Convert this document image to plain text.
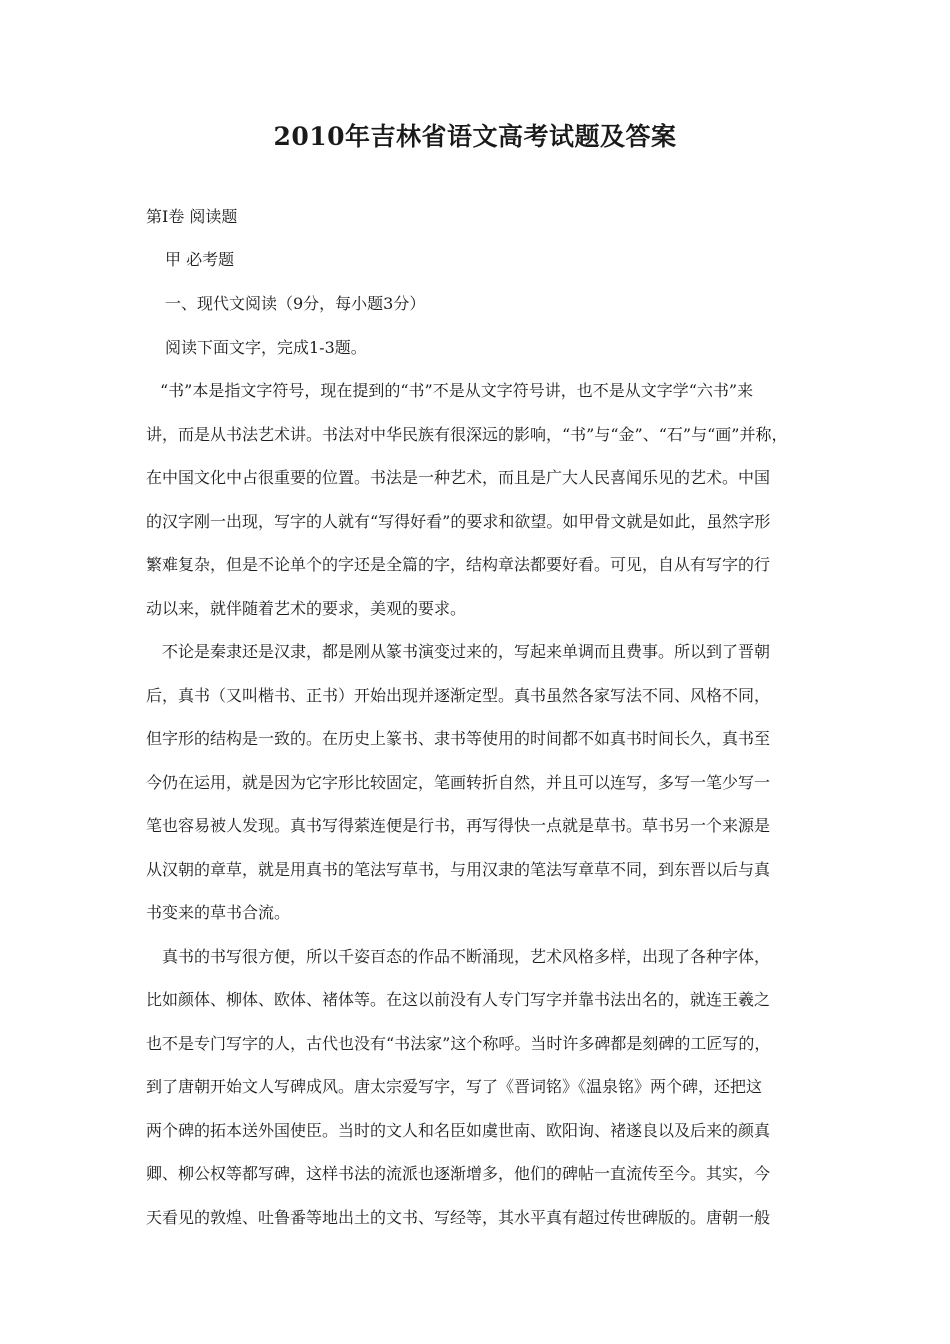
2010年吉林省语文高考试题及答案
第Ⅰ卷 阅读题
甲 必考题
一、现代文阅读（9分，每小题3分）
阅读下面文字，完成1-3题。
“书”本是指文字符号，现在提到的“书”不是从文字符号讲，也不是从文字学“六书”来
讲，而是从书法艺术讲。书法对中华民族有很深远的影响，“书”与“金”、“石”与“画”并称，
在中国文化中占很重要的位置。书法是一种艺术，而且是广大人民喜闻乐见的艺术。中国
的汉字刚一出现，写字的人就有“写得好看”的要求和欲望。如甲骨文就是如此，虽然字形
繁难复杂，但是不论单个的字还是全篇的字，结构章法都要好看。可见，自从有写字的行
动以来，就伴随着艺术的要求，美观的要求。
不论是秦隶还是汉隶，都是刚从篆书演变过来的，写起来单调而且费事。所以到了晋朝
后，真书（又叫楷书、正书）开始出现并逐渐定型。真书虽然各家写法不同、风格不同，
但字形的结构是一致的。在历史上篆书、隶书等使用的时间都不如真书时间长久，真书至
今仍在运用，就是因为它字形比较固定，笔画转折自然，并且可以连写，多写一笔少写一
笔也容易被人发现。真书写得萦连便是行书，再写得快一点就是草书。草书另一个来源是
从汉朝的章草，就是用真书的笔法写草书，与用汉隶的笔法写章草不同，到东晋以后与真
书变来的草书合流。
真书的书写很方便，所以千姿百态的作品不断涌现，艺术风格多样，出现了各种字体，
比如颜体、柳体、欧体、褚体等。在这以前没有人专门写字并靠书法出名的，就连王羲之
也不是专门写字的人，古代也没有“书法家”这个称呼。当时许多碑都是刻碑的工匠写的，
到了唐朝开始文人写碑成风。唐太宗爱写字，写了《晋词铭》《温泉铭》两个碑，还把这
两个碑的拓本送外国使臣。当时的文人和名臣如虞世南、欧阳询、褚遂良以及后来的颜真
卿、柳公权等都写碑，这样书法的流派也逐渐增多，他们的碑帖一直流传至今。其实，今
天看见的敦煌、吐鲁番等地出土的文书、写经等，其水平真有超过传世碑版的。唐朝一般
